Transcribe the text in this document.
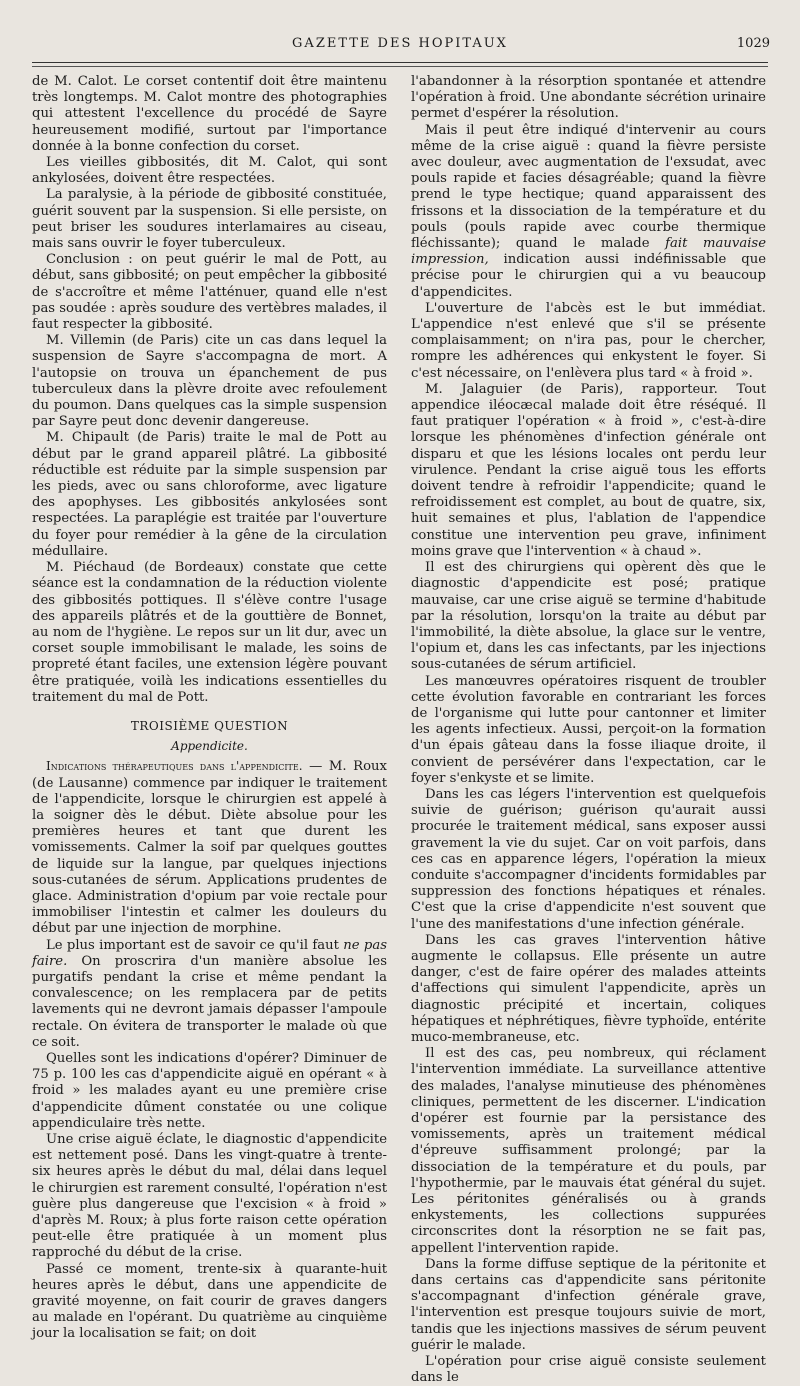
GAZETTE DES HOPITAUX	1029

de M. Calot. Le corset contentif doit être maintenu très longtemps. M. Calot montre des photographies qui attestent l'excellence du procédé de Sayre heureusement modifié, surtout par l'importance donnée à la bonne confection du corset.

Les vieilles gibbosités, dit M. Calot, qui sont ankylosées, doivent être respectées.

La paralysie, à la période de gibbosité constituée, guérit souvent par la suspension. Si elle persiste, on peut briser les soudures interlamaires au ciseau, mais sans ouvrir le foyer tuberculeux.

Conclusion : on peut guérir le mal de Pott, au début, sans gibbosité; on peut empêcher la gibbosité de s'accroître et même l'atténuer, quand elle n'est pas soudée : après soudure des vertèbres malades, il faut respecter la gibbosité.

M. Villemin (de Paris) cite un cas dans lequel la suspension de Sayre s'accompagna de mort. A l'autopsie on trouva un épanchement de pus tuberculeux dans la plèvre droite avec refoulement du poumon. Dans quelques cas la simple suspension par Sayre peut donc devenir dangereuse.

M. Chipault (de Paris) traite le mal de Pott au début par le grand appareil plâtré. La gibbosité réductible est réduite par la simple suspension par les pieds, avec ou sans chloroforme, avec ligature des apophyses. Les gibbosités ankylosées sont respectées. La paraplégie est traitée par l'ouverture du foyer pour remédier à la gêne de la circulation médullaire.

M. Piéchaud (de Bordeaux) constate que cette séance est la condamnation de la réduction violente des gibbosités pottiques. Il s'élève contre l'usage des appareils plâtrés et de la gouttière de Bonnet, au nom de l'hygiène. Le repos sur un lit dur, avec un corset souple immobilisant le malade, les soins de propreté étant faciles, une extension légère pouvant être pratiquée, voilà les indications essentielles du traitement du mal de Pott.

TROISIÈME QUESTION
Appendicite.

Indications thérapeutiques dans l'appendicite. — M. Roux (de Lausanne) commence par indiquer le traitement de l'appendicite, lorsque le chirurgien est appelé à la soigner dès le début. Diète absolue pour les premières heures et tant que durent les vomissements. Calmer la soif par quelques gouttes de liquide sur la langue, par quelques injections sous-cutanées de sérum. Applications prudentes de glace. Administration d'opium par voie rectale pour immobiliser l'intestin et calmer les douleurs du début par une injection de morphine.

Le plus important est de savoir ce qu'il faut ne pas faire. On proscrira d'un manière absolue les purgatifs pendant la crise et même pendant la convalescence; on les remplacera par de petits lavements qui ne devront jamais dépasser l'ampoule rectale. On évitera de transporter le malade où que ce soit.

Quelles sont les indications d'opérer? Diminuer de 75 p. 100 les cas d'appendicite aiguë en opérant « à froid » les malades ayant eu une première crise d'appendicite dûment constatée ou une colique appendiculaire très nette.

Une crise aiguë éclate, le diagnostic d'appendicite est nettement posé. Dans les vingt-quatre à trente-six heures après le début du mal, délai dans lequel le chirurgien est rarement consulté, l'opération n'est guère plus dangereuse que l'excision « à froid » d'après M. Roux; à plus forte raison cette opération peut-elle être pratiquée à un moment plus rapproché du début de la crise.

Passé ce moment, trente-six à quarante-huit heures après le début, dans une appendicite de gravité moyenne, on fait courir de graves dangers au malade en l'opérant. Du quatrième au cinquième jour la localisation se fait; on doit

l'abandonner à la résorption spontanée et attendre l'opération à froid. Une abondante sécrétion urinaire permet d'espérer la résolution.

Mais il peut être indiqué d'intervenir au cours même de la crise aiguë : quand la fièvre persiste avec douleur, avec augmentation de l'exsudat, avec pouls rapide et facies désagréable; quand la fièvre prend le type hectique; quand apparaissent des frissons et la dissociation de la température et du pouls (pouls rapide avec courbe thermique fléchissante); quand le malade fait mauvaise impression, indication aussi indéfinissable que précise pour le chirurgien qui a vu beaucoup d'appendicites.

L'ouverture de l'abcès est le but immédiat. L'appendice n'est enlevé que s'il se présente complaisamment; on n'ira pas, pour le chercher, rompre les adhérences qui enkystent le foyer. Si c'est nécessaire, on l'enlèvera plus tard « à froid ».

M. Jalaguier (de Paris), rapporteur. Tout appendice iléocæcal malade doit être réséqué. Il faut pratiquer l'opération « à froid », c'est-à-dire lorsque les phénomènes d'infection générale ont disparu et que les lésions locales ont perdu leur virulence. Pendant la crise aiguë tous les efforts doivent tendre à refroidir l'appendicite; quand le refroidissement est complet, au bout de quatre, six, huit semaines et plus, l'ablation de l'appendice constitue une intervention peu grave, infiniment moins grave que l'intervention « à chaud ».

Il est des chirurgiens qui opèrent dès que le diagnostic d'appendicite est posé; pratique mauvaise, car une crise aiguë se termine d'habitude par la résolution, lorsqu'on la traite au début par l'immobilité, la diète absolue, la glace sur le ventre, l'opium et, dans les cas infectants, par les injections sous-cutanées de sérum artificiel.

Les manœuvres opératoires risquent de troubler cette évolution favorable en contrariant les forces de l'organisme qui lutte pour cantonner et limiter les agents infectieux. Aussi, perçoit-on la formation d'un épais gâteau dans la fosse iliaque droite, il convient de persévérer dans l'expectation, car le foyer s'enkyste et se limite.

Dans les cas légers l'intervention est quelquefois suivie de guérison; guérison qu'aurait aussi procurée le traitement médical, sans exposer aussi gravement la vie du sujet. Car on voit parfois, dans ces cas en apparence légers, l'opération la mieux conduite s'accompagner d'incidents formidables par suppression des fonctions hépatiques et rénales. C'est que la crise d'appendicite n'est souvent que l'une des manifestations d'une infection générale.

Dans les cas graves l'intervention hâtive augmente le collapsus. Elle présente un autre danger, c'est de faire opérer des malades atteints d'affections qui simulent l'appendicite, après un diagnostic précipité et incertain, coliques hépatiques et néphrétiques, fièvre typhoïde, entérite muco-membraneuse, etc.

Il est des cas, peu nombreux, qui réclament l'intervention immédiate. La surveillance attentive des malades, l'analyse minutieuse des phénomènes cliniques, permettent de les discerner. L'indication d'opérer est fournie par la persistance des vomissements, après un traitement médical d'épreuve suffisamment prolongé; par la dissociation de la température et du pouls, par l'hypothermie, par le mauvais état général du sujet. Les péritonites généralisés ou à grands enkystements, les collections suppurées circonscrites dont la résorption ne se fait pas, appellent l'intervention rapide.

Dans la forme diffuse septique de la péritonite et dans certains cas d'appendicite sans péritonite s'accompagnant d'infection générale grave, l'intervention est presque toujours suivie de mort, tandis que les injections massives de sérum peuvent guérir le malade.

L'opération pour crise aiguë consiste seulement dans le
